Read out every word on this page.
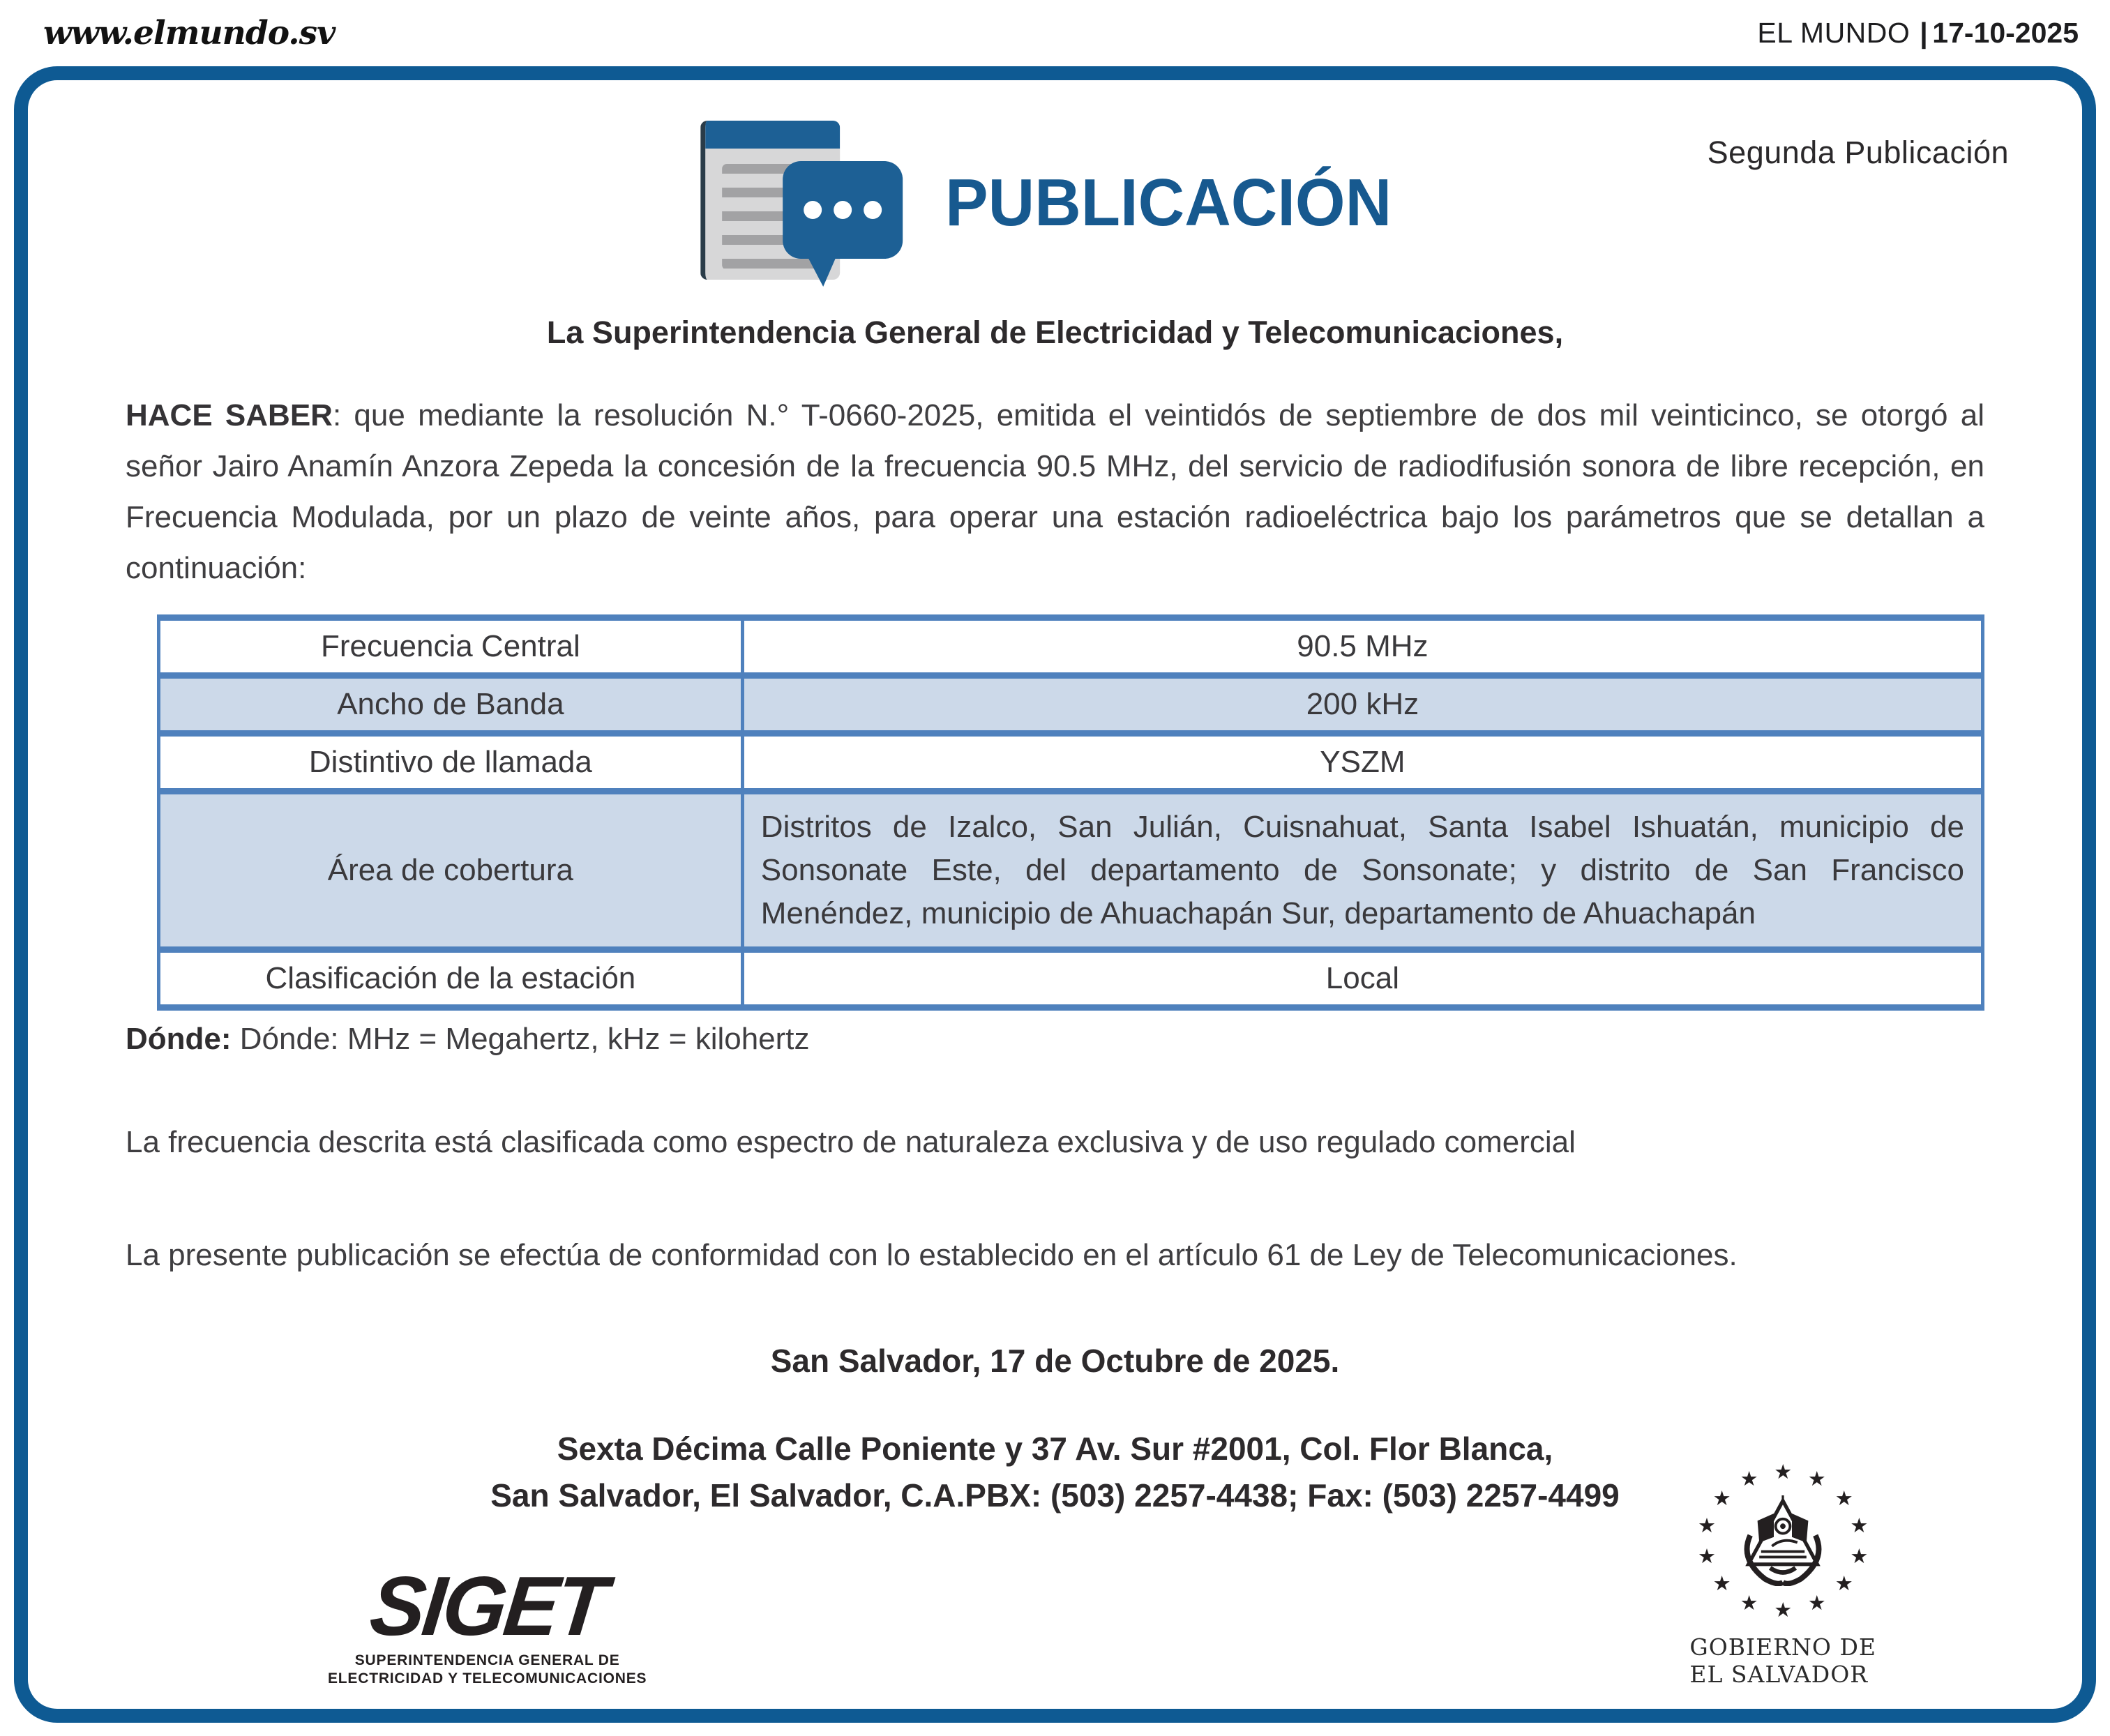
www.elmundo.sv	EL MUNDO | 17-10-2025
PUBLICACIÓN
Segunda Publicación
La Superintendencia General de Electricidad y Telecomunicaciones,

HACE SABER: que mediante la resolución N.° T-0660-2025, emitida el veintidós de septiembre de dos mil veinticinco, se otorgó al señor Jairo Anamín Anzora Zepeda la concesión de la frecuencia 90.5 MHz, del servicio de radiodifusión sonora de libre recepción, en Frecuencia Modulada, por un plazo de veinte años, para operar una estación radioeléctrica bajo los parámetros que se detallan a continuación:

Frecuencia Central	90.5 MHz
Ancho de Banda	200 kHz
Distintivo de llamada	YSZM
Área de cobertura	Distritos de Izalco, San Julián, Cuisnahuat, Santa Isabel Ishuatán, municipio de Sonsonate Este, del departamento de Sonsonate; y distrito de San Francisco Menéndez, municipio de Ahuachapán Sur, departamento de Ahuachapán
Clasificación de la estación	Local

Dónde: Dónde: MHz = Megahertz, kHz = kilohertz

La frecuencia descrita está clasificada como espectro de naturaleza exclusiva y de uso regulado comercial

La presente publicación se efectúa de conformidad con lo establecido en el artículo 61 de Ley de Telecomunicaciones.

San Salvador, 17 de Octubre de 2025.

Sexta Décima Calle Poniente y 37 Av. Sur #2001, Col. Flor Blanca,
San Salvador, El Salvador, C.A.PBX: (503) 2257-4438; Fax: (503) 2257-4499

SIGET
SUPERINTENDENCIA GENERAL DE
ELECTRICIDAD Y TELECOMUNICACIONES
★ ★
★
★
★
★
★
★
★
★
★
★
★
★
GOBIERNO DE
EL SALVADOR
